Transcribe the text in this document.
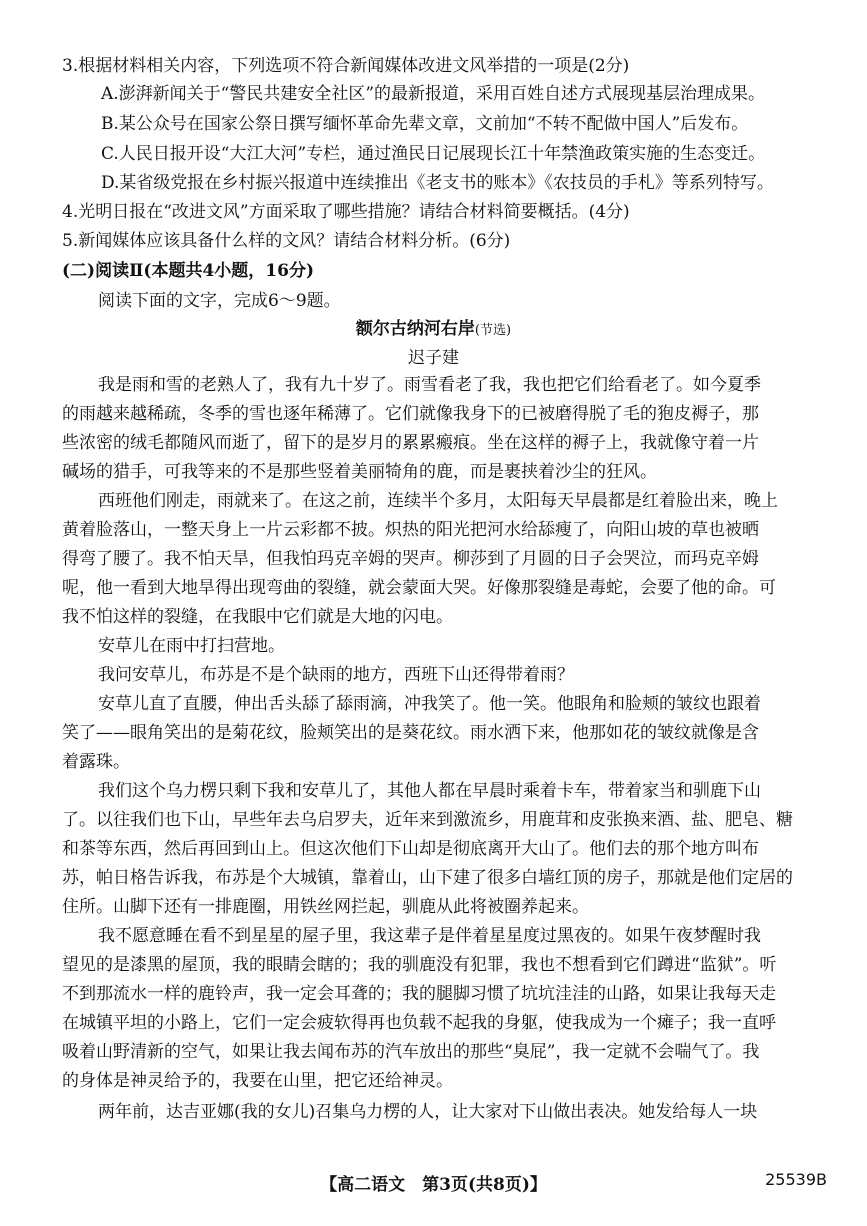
3.根据材料相关内容，下列选项不符合新闻媒体改进文风举措的一项是(2分)
A.澎湃新闻关于“警民共建安全社区”的最新报道，采用百姓自述方式展现基层治理成果。
B.某公众号在国家公祭日撰写缅怀革命先辈文章，文前加“不转不配做中国人”后发布。
C.人民日报开设“大江大河”专栏，通过渔民日记展现长江十年禁渔政策实施的生态变迁。
D.某省级党报在乡村振兴报道中连续推出《老支书的账本》《农技员的手札》等系列特写。
4.光明日报在“改进文风”方面采取了哪些措施？请结合材料简要概括。(4分)
5.新闻媒体应该具备什么样的文风？请结合材料分析。(6分)
(二)阅读Ⅱ(本题共4小题，16分)
阅读下面的文字，完成6～9题。
额尔古纳河右岸(节选)
迟子建
我是雨和雪的老熟人了，我有九十岁了。雨雪看老了我，我也把它们给看老了。如今夏季
的雨越来越稀疏，冬季的雪也逐年稀薄了。它们就像我身下的已被磨得脱了毛的狍皮褥子，那
些浓密的绒毛都随风而逝了，留下的是岁月的累累瘢痕。坐在这样的褥子上，我就像守着一片
碱场的猎手，可我等来的不是那些竖着美丽犄角的鹿，而是裹挟着沙尘的狂风。
西班他们刚走，雨就来了。在这之前，连续半个多月，太阳每天早晨都是红着脸出来，晚上
黄着脸落山，一整天身上一片云彩都不披。炽热的阳光把河水给舔瘦了，向阳山坡的草也被晒
得弯了腰了。我不怕天旱，但我怕玛克辛姆的哭声。柳莎到了月圆的日子会哭泣，而玛克辛姆
呢，他一看到大地旱得出现弯曲的裂缝，就会蒙面大哭。好像那裂缝是毒蛇，会要了他的命。可
我不怕这样的裂缝，在我眼中它们就是大地的闪电。
安草儿在雨中打扫营地。
我问安草儿，布苏是不是个缺雨的地方，西班下山还得带着雨？
安草儿直了直腰，伸出舌头舔了舔雨滴，冲我笑了。他一笑。他眼角和脸颊的皱纹也跟着
笑了——眼角笑出的是菊花纹，脸颊笑出的是葵花纹。雨水洒下来，他那如花的皱纹就像是含
着露珠。
我们这个乌力楞只剩下我和安草儿了，其他人都在早晨时乘着卡车，带着家当和驯鹿下山
了。以往我们也下山，早些年去乌启罗夫，近年来到激流乡，用鹿茸和皮张换来酒、盐、肥皂、糖
和茶等东西，然后再回到山上。但这次他们下山却是彻底离开大山了。他们去的那个地方叫布
苏，帕日格告诉我，布苏是个大城镇，靠着山，山下建了很多白墙红顶的房子，那就是他们定居的
住所。山脚下还有一排鹿圈，用铁丝网拦起，驯鹿从此将被圈养起来。
我不愿意睡在看不到星星的屋子里，我这辈子是伴着星星度过黑夜的。如果午夜梦醒时我
望见的是漆黑的屋顶，我的眼睛会瞎的；我的驯鹿没有犯罪，我也不想看到它们蹲进“监狱”。听
不到那流水一样的鹿铃声，我一定会耳聋的；我的腿脚习惯了坑坑洼洼的山路，如果让我每天走
在城镇平坦的小路上，它们一定会疲软得再也负载不起我的身躯，使我成为一个瘫子；我一直呼
吸着山野清新的空气，如果让我去闻布苏的汽车放出的那些“臭屁”，我一定就不会喘气了。我
的身体是神灵给予的，我要在山里，把它还给神灵。
两年前，达吉亚娜(我的女儿)召集乌力楞的人，让大家对下山做出表决。她发给每人一块
【高二语文　第3页(共8页)】	25539B
